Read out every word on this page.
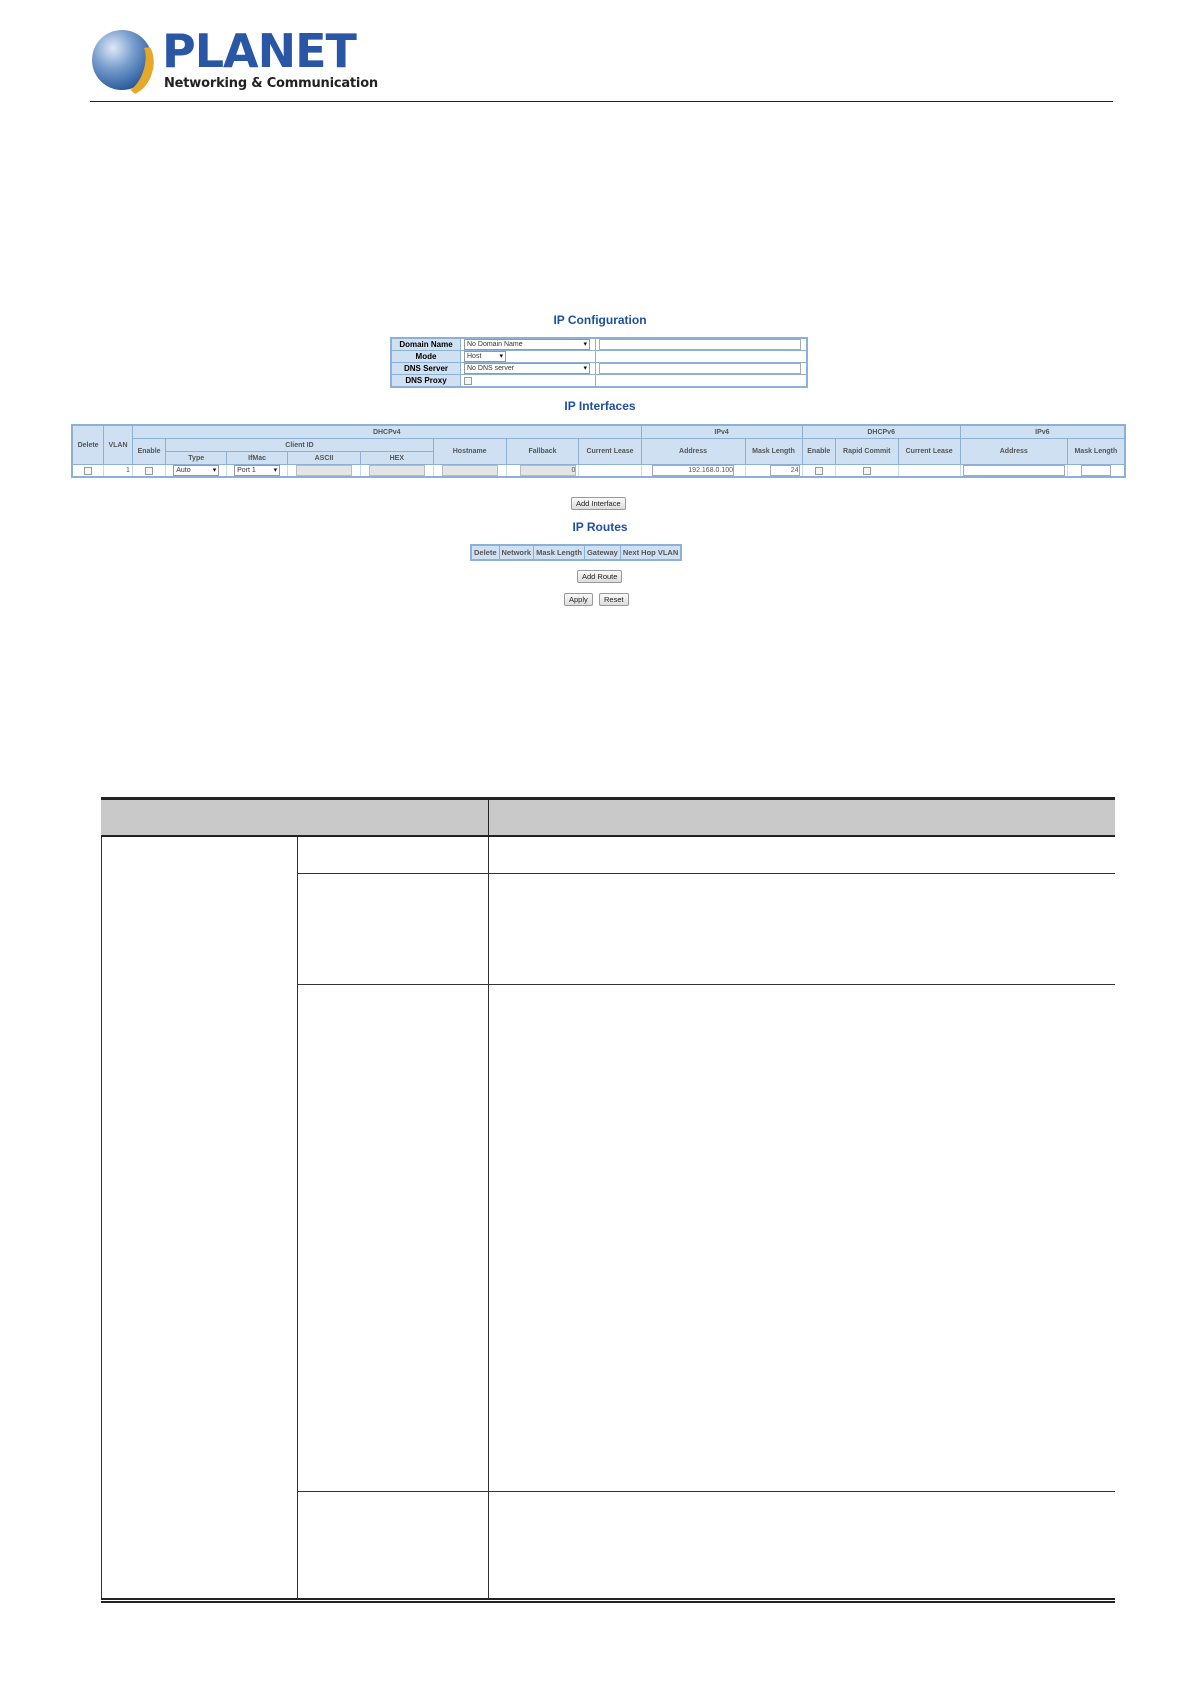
PLANET
Networking & Communication
IP Configuration
Domain Name	No Domain Name ▾	
Mode	Host ▾	
DNS Server	No DNS server ▾	
DNS Proxy		
IP Interfaces
Delete	VLAN	DHCPv4								IPv4		DHCPv6			IPv6	
		Enable	Client ID				Hostname	Fallback	Current Lease	Address	Mask Length	Enable	Rapid Commit	Current Lease	Address	Mask Length
			Type	IfMac	ASCII	HEX										
	1		Auto ▾	Port 1 ▾				0		192.168.0.100	24					
Add Interface
IP Routes
Delete	Network	Mask Length	Gateway	Next Hop VLAN
Add Route
Apply	Reset
